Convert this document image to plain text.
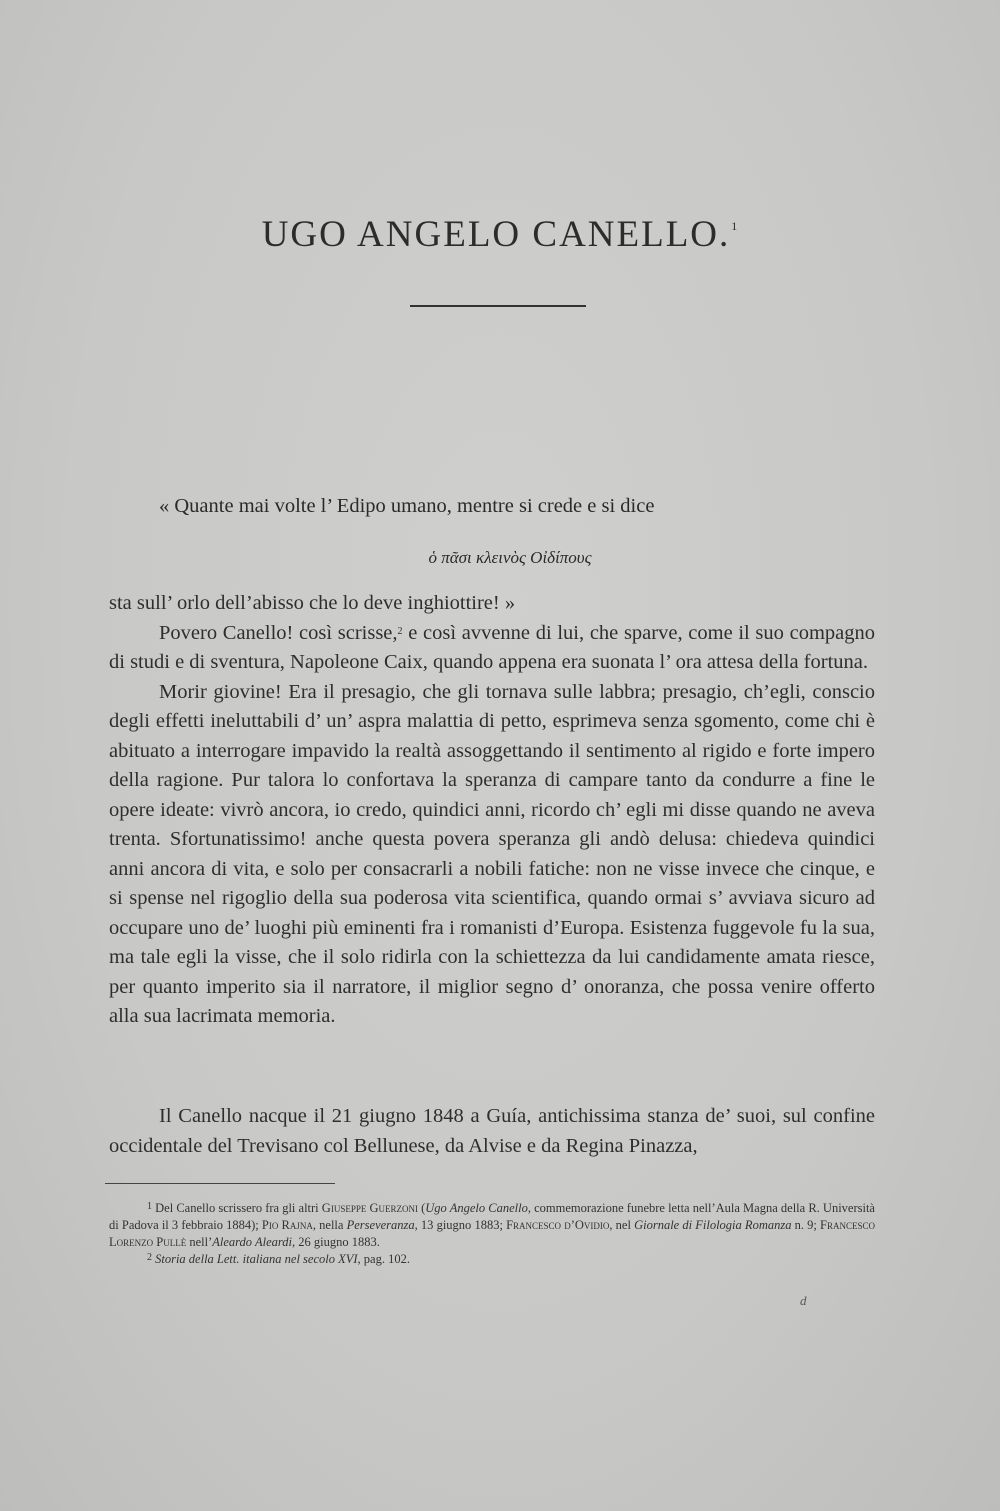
UGO ANGELO CANELLO.$^1$
« Quante mai volte l’ Edipo umano, mentre si crede e si dice
ὁ πᾶσι κλεινὸς Οἰδίπους

sta sull’ orlo dell’abisso che lo deve inghiottire! »

Povero Canello! così scrisse,$^2$ e così avvenne di lui, che sparve, come il suo compagno di studi e di sventura, Napoleone Caix, quando appena era suonata l’ ora attesa della fortuna.

Morir giovine! Era il presagio, che gli tornava sulle labbra; presagio, ch’egli, conscio degli effetti ineluttabili d’ un’ aspra malattia di petto, esprimeva senza sgomento, come chi è abituato a interrogare impavido la realtà assoggettando il sentimento al rigido e forte impero della ragione. Pur talora lo confortava la speranza di campare tanto da condurre a fine le opere ideate: vivrò ancora, io credo, quindici anni, ricordo ch’ egli mi disse quando ne aveva trenta. Sfortunatissimo! anche questa povera speranza gli andò delusa: chiedeva quindici anni ancora di vita, e solo per consacrarli a nobili fatiche: non ne visse invece che cinque, e si spense nel rigoglio della sua poderosa vita scientifica, quando ormai s’ avviava sicuro ad occupare uno de’ luoghi più eminenti fra i romanisti d’Europa. Esistenza fuggevole fu la sua, ma tale egli la visse, che il solo ridirla con la schiettezza da lui candidamente amata riesce, per quanto imperito sia il narratore, il miglior segno d’ onoranza, che possa venire offerto alla sua lacrimata memoria.

Il Canello nacque il 21 giugno 1848 a Guía, antichissima stanza de’ suoi, sul confine occidentale del Trevisano col Bellunese, da Alvise e da Regina Pinazza,

$^1$ Del Canello scrissero fra gli altri Giuseppe Guerzoni (Ugo Angelo Canello, commemorazione funebre letta nell’Aula Magna della R. Università di Padova il 3 febbraio 1884); Pio Rajna, nella Perseveranza, 13 giugno 1883; Francesco d’Ovidio, nel Giornale di Filologia Romanza n. 9; Francesco Lorenzo Pullè nell’Aleardo Aleardi, 26 giugno 1883.

$^2$ Storia della Lett. italiana nel secolo XVI, pag. 102.

d
